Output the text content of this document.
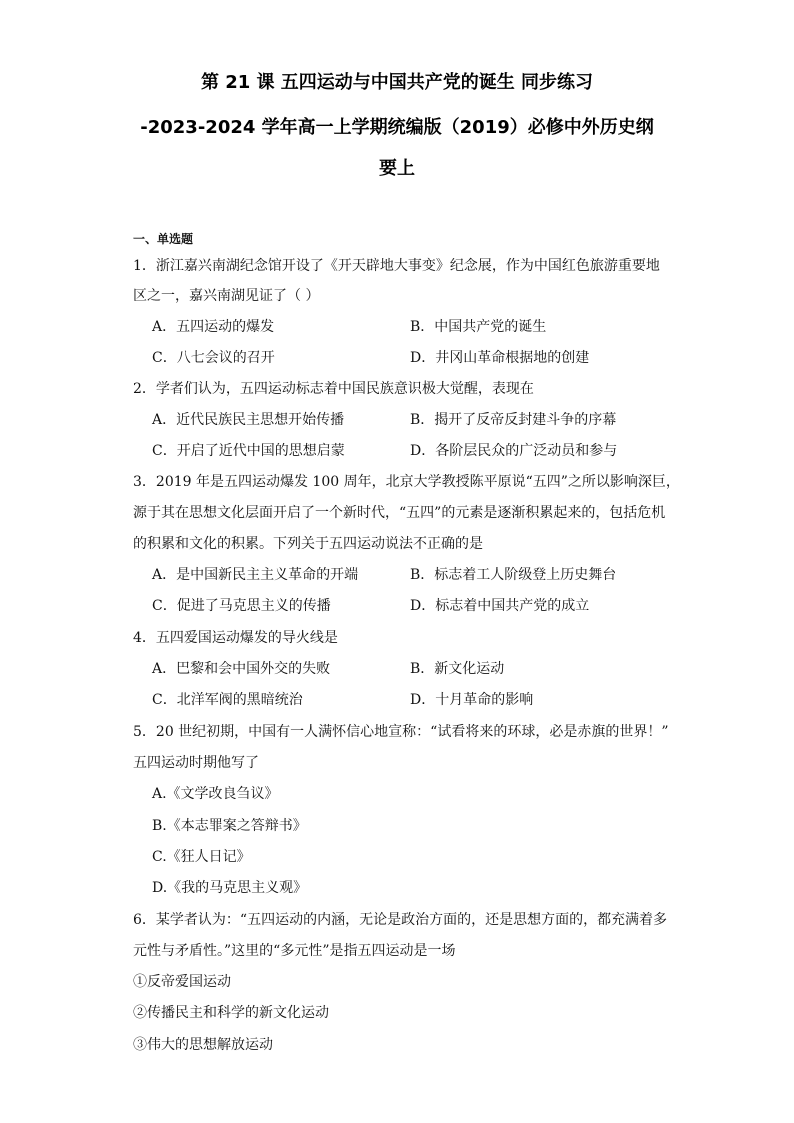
第 21 课 五四运动与中国共产党的诞生 同步练习
-2023-2024 学年高一上学期统编版（2019）必修中外历史纲
要上
一、单选题
1．浙江嘉兴南湖纪念馆开设了《开天辟地大事变》纪念展，作为中国红色旅游重要地
区之一，嘉兴南湖见证了（ ）
A．五四运动的爆发	B．中国共产党的诞生
C．八七会议的召开	D．井冈山革命根据地的创建
2．学者们认为，五四运动标志着中国民族意识极大觉醒，表现在
A．近代民族民主思想开始传播	B．揭开了反帝反封建斗争的序幕
C．开启了近代中国的思想启蒙	D．各阶层民众的广泛动员和参与
3．2019 年是五四运动爆发 100 周年，北京大学教授陈平原说“五四”之所以影响深巨，
源于其在思想文化层面开启了一个新时代，“五四”的元素是逐渐积累起来的，包括危机
的积累和文化的积累。下列关于五四运动说法不正确的是
A．是中国新民主主义革命的开端	B．标志着工人阶级登上历史舞台
C．促进了马克思主义的传播	D．标志着中国共产党的成立
4．五四爱国运动爆发的导火线是
A．巴黎和会中国外交的失败	B．新文化运动
C．北洋军阀的黑暗统治	D．十月革命的影响
5．20 世纪初期，中国有一人满怀信心地宣称：“试看将来的环球，必是赤旗的世界！”
五四运动时期他写了
A.《文学改良刍议》
B.《本志罪案之答辩书》
C.《狂人日记》
D.《我的马克思主义观》
6．某学者认为：“五四运动的内涵，无论是政治方面的，还是思想方面的，都充满着多
元性与矛盾性。”这里的“多元性”是指五四运动是一场
①反帝爱国运动
②传播民主和科学的新文化运动
③伟大的思想解放运动
